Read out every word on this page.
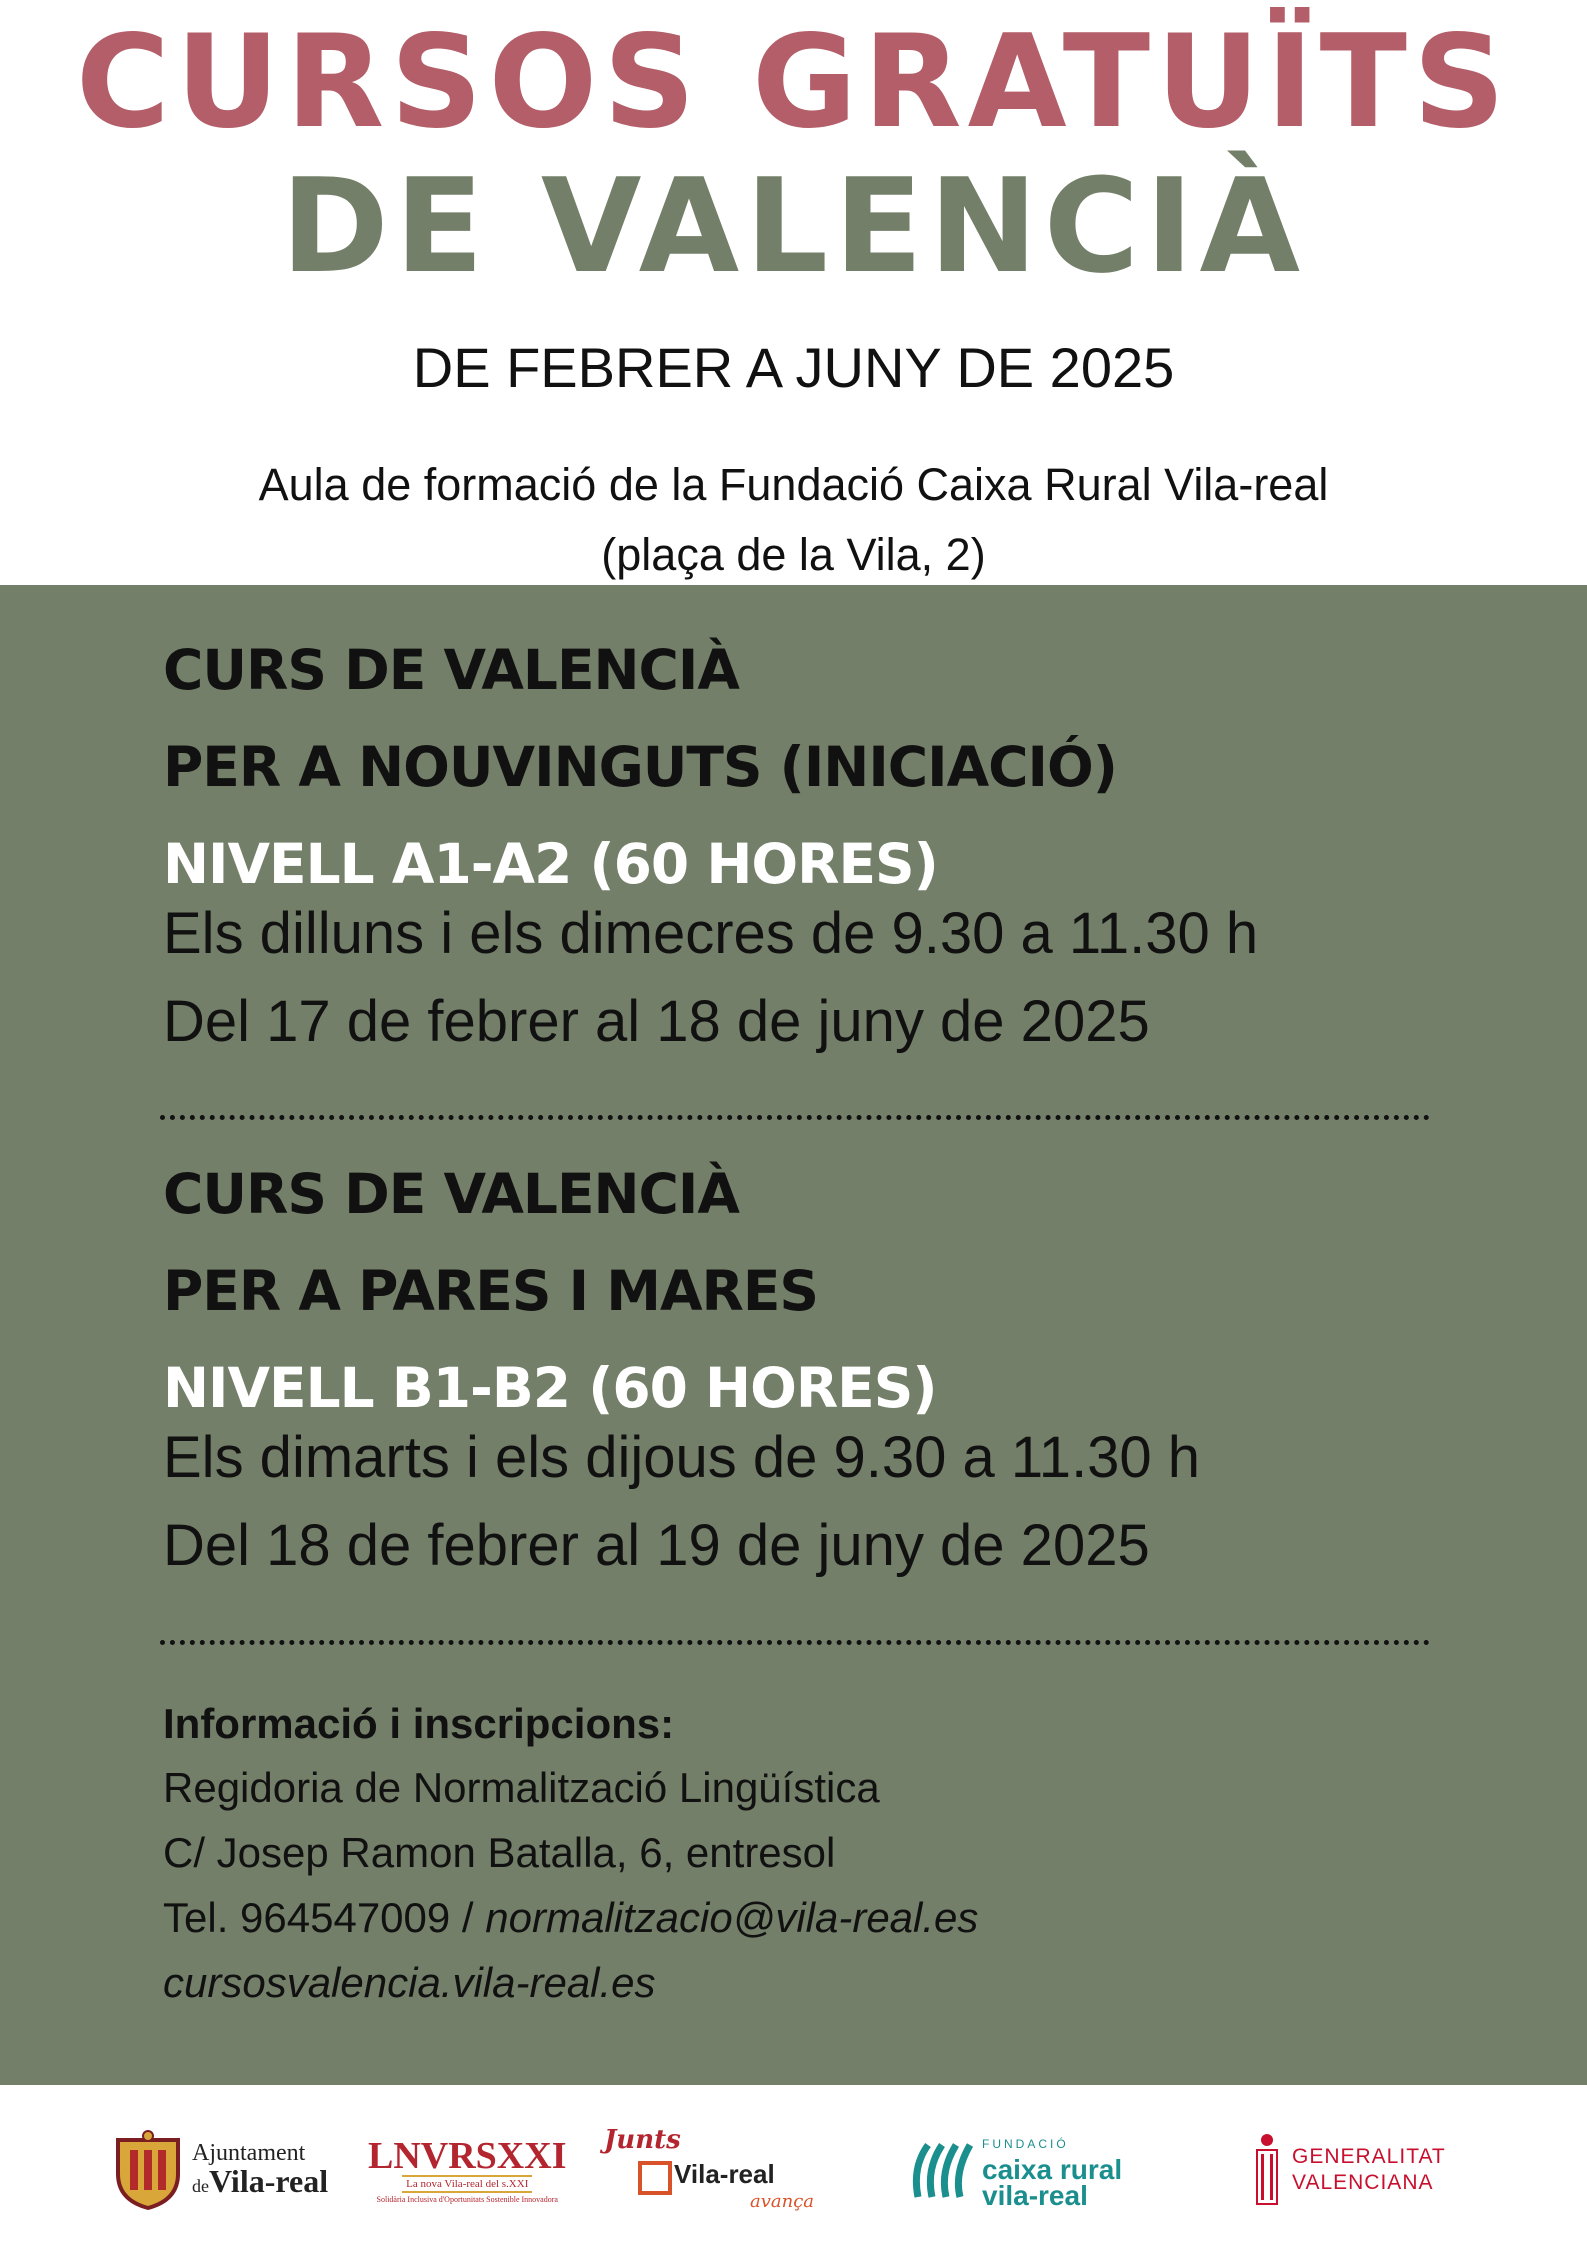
CURSOS GRATUÏTS
DE VALENCIÀ
DE FEBRER A JUNY DE 2025
Aula de formació de la Fundació Caixa Rural Vila-real
(plaça de la Vila, 2)
CURS DE VALENCIÀ
PER A NOUVINGUTS (INICIACIÓ)
NIVELL A1-A2 (60 HORES)
Els dilluns i els dimecres de 9.30 a 11.30 h
Del 17 de febrer al 18 de juny de 2025
CURS DE VALENCIÀ
PER A PARES I MARES
NIVELL B1-B2 (60 HORES)
Els dimarts i els dijous de 9.30 a 11.30 h
Del 18 de febrer al 19 de juny de 2025
Informació i inscripcions:
Regidoria de Normalització Lingüística
C/ Josep Ramon Batalla, 6, entresol
Tel. 964547009 / normalitzacio@vila-real.es
cursosvalencia.vila-real.es
Ajuntament
deVila-real
LNVRSXXI
La nova Vila-real del s.XXI
Solidària Inclusiva d'Oportunitats Sostenible Innovadora
Junts
Vila-real
avança
FUNDACIÓ
caixa rural
vila-real
GENERALITAT
VALENCIANA
